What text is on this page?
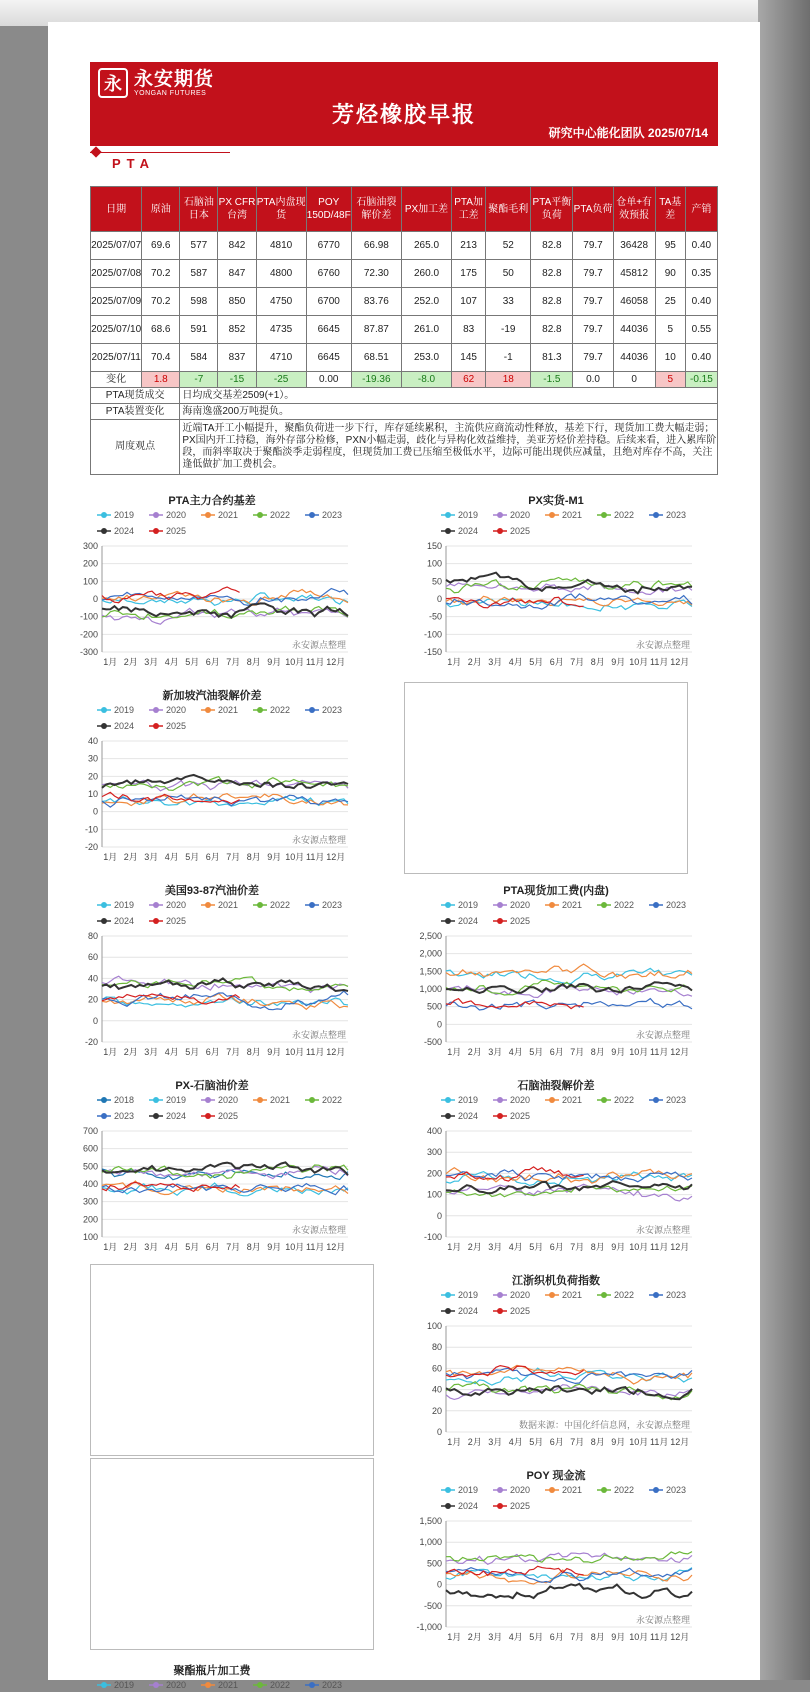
永 永安期货
YONGAN FUTURES
芳烃橡胶早报
研究中心能化团队 2025/07/14
PTA
日期	原油	石脑油日本	PX CFR台湾	PTA内盘现货	POY 150D/48F	石脑油裂解价差	PX加工差	PTA加工差	聚酯毛利	PTA平衡负荷	PTA负荷	仓单+有效预报	TA基差	产销
2025/07/07	69.6	577	842	4810	6770	66.98	265.0	213	52	82.8	79.7	36428	95	0.40
2025/07/08	70.2	587	847	4800	6760	72.30	260.0	175	50	82.8	79.7	45812	90	0.35
2025/07/09	70.2	598	850	4750	6700	83.76	252.0	107	33	82.8	79.7	46058	25	0.40
2025/07/10	68.6	591	852	4735	6645	87.87	261.0	83	-19	82.8	79.7	44036	5	0.55
2025/07/11	70.4	584	837	4710	6645	68.51	253.0	145	-1	81.3	79.7	44036	10	0.40
变化	1.8	-7	-15	-25	0.00	-19.36	-8.0	62	18	-1.5	0.0	0	5	-0.15
PTA现货成交		日均成交基差2509(+1）。												
PTA装置变化		海南逸盛200万吨提负。												
周度观点		近端TA开工小幅提升，聚酯负荷进一步下行，库存延续累积，主流供应商流动性释放，基差下行，现货加工费大幅走弱；PX国内开工持稳，海外存部分检修，PXN小幅走弱，歧化与异构化效益维持，美亚芳烃价差持稳。后续来看，进入累库阶段，而斜率取决于聚酯淡季走弱程度，但现货加工费已压缩至极低水平，边际可能出现供应减量，且绝对库存不高，关注逢低做扩加工费机会。												
PTA主力合约基差
2019	2020	2021	2022	2023
2024	2025
300
200
100
0
-100
-200
-300
1月 2月 3月 4月 5月 6月 7月 8月 9月 10月 11月 12月
永安源点整理
PX实货-M1
2019	2020	2021	2022	2023
2024	2025
150
100
50
0
-50
-100
-150
1月 2月 3月 4月 5月 6月 7月 8月 9月 10月 11月 12月
永安源点整理
新加坡汽油裂解价差
2019	2020	2021	2022	2023
2024	2025
40
30
20
10
0
-10
-20
1月 2月 3月 4月 5月 6月 7月 8月 9月 10月 11月 12月
永安源点整理
美国93-87汽油价差
2019	2020	2021	2022	2023
2024	2025
80
60
40
20
0
-20
1月 2月 3月 4月 5月 6月 7月 8月 9月 10月 11月 12月
永安源点整理
PTA现货加工费(内盘)
2019	2020	2021	2022	2023
2024	2025
2,500
2,000
1,500
1,000
500
0
-500
1月 2月 3月 4月 5月 6月 7月 8月 9月 10月 11月 12月
永安源点整理
PX-石脑油价差
2018	2019	2020	2021	2022
2023	2024	2025
700
600
500
400
300
200
100
1月 2月 3月 4月 5月 6月 7月 8月 9月 10月 11月 12月
永安源点整理
石脑油裂解价差
2019	2020	2021	2022	2023
2024	2025
400
300
200
100
0
-100
1月 2月 3月 4月 5月 6月 7月 8月 9月 10月 11月 12月
永安源点整理
江浙织机负荷指数
2019	2020	2021	2022	2023
2024	2025
100
80
60
40
20
0
1月 2月 3月 4月 5月 6月 7月 8月 9月 10月 11月 12月
数据来源：中国化纤信息网，永安源点整理
POY 现金流
2019	2020	2021	2022	2023
2024	2025
1,500
1,000
500
0
-500
-1,000
1月 2月 3月 4月 5月 6月 7月 8月 9月 10月 11月 12月
永安源点整理
聚酯瓶片加工费
2019	2020	2021	2022	2023
